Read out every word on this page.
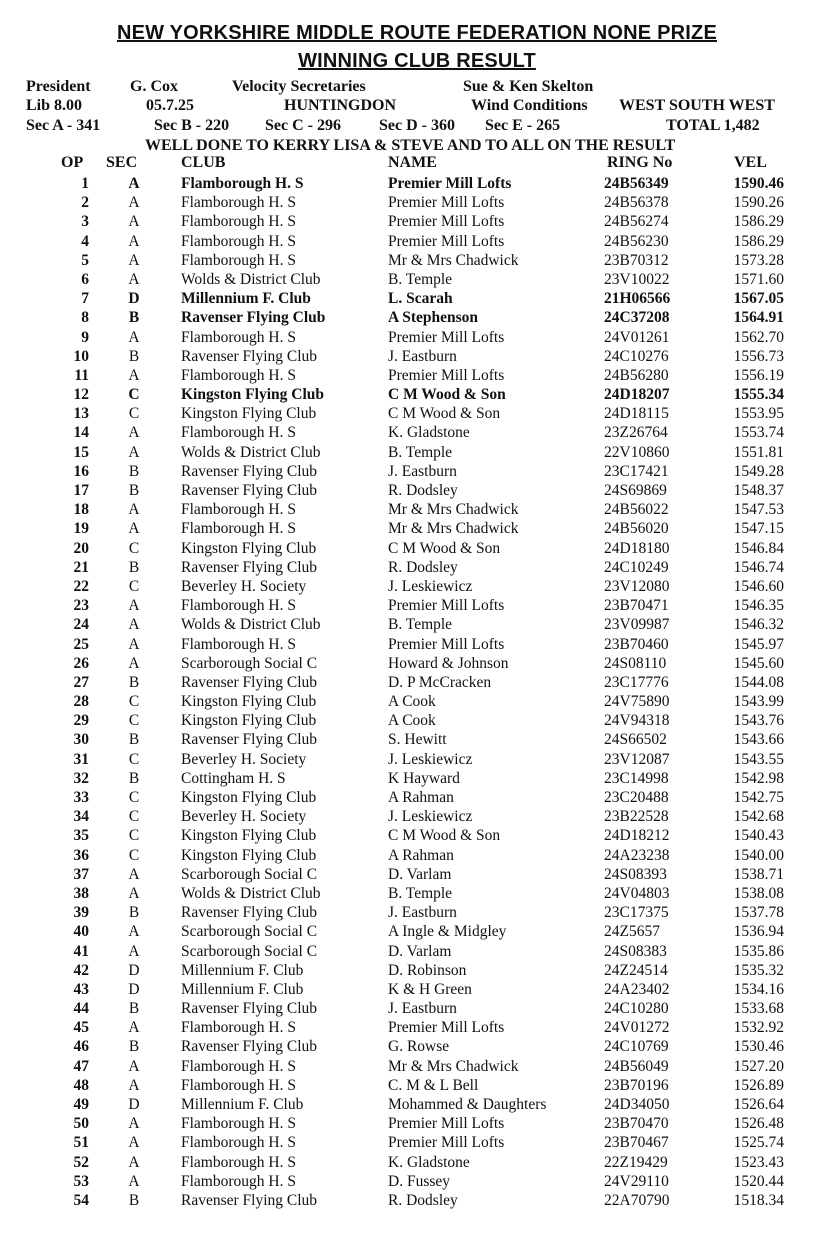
NEW YORKSHIRE MIDDLE ROUTE FEDERATION NONE PRIZE
WINNING CLUB RESULT
President G. Cox	Velocity Secretaries	Sue & Ken Skelton
Lib 8.00	05.7.25	HUNTINGDON	Wind Conditions WEST SOUTH WEST
Sec A - 341	Sec B - 220 Sec C - 296 Sec D - 360 Sec E - 265	TOTAL 1,482
WELL DONE TO KERRY LISA & STEVE AND TO ALL ON THE RESULT
OP SEC	CLUB	NAME	RING No	VEL
1	A	Flamborough H. S	Premier Mill Lofts	24B56349	1590.46
2	A	Flamborough H. S	Premier Mill Lofts	24B56378	1590.26
3	A	Flamborough H. S	Premier Mill Lofts	24B56274	1586.29
4	A	Flamborough H. S	Premier Mill Lofts	24B56230	1586.29
5	A	Flamborough H. S	Mr & Mrs Chadwick	23B70312	1573.28
6	A	Wolds & District Club	B. Temple	23V10022	1571.60
7	D	Millennium F. Club	L. Scarah	21H06566	1567.05
8	B	Ravenser Flying Club	A Stephenson	24C37208	1564.91
9	A	Flamborough H. S	Premier Mill Lofts	24V01261	1562.70
10	B	Ravenser Flying Club	J. Eastburn	24C10276	1556.73
11	A	Flamborough H. S	Premier Mill Lofts	24B56280	1556.19
12	C	Kingston Flying Club	C M Wood & Son	24D18207	1555.34
13	C	Kingston Flying Club	C M Wood & Son	24D18115	1553.95
14	A	Flamborough H. S	K. Gladstone	23Z26764	1553.74
15	A	Wolds & District Club	B. Temple	22V10860	1551.81
16	B	Ravenser Flying Club	J. Eastburn	23C17421	1549.28
17	B	Ravenser Flying Club	R. Dodsley	24S69869	1548.37
18	A	Flamborough H. S	Mr & Mrs Chadwick	24B56022	1547.53
19	A	Flamborough H. S	Mr & Mrs Chadwick	24B56020	1547.15
20	C	Kingston Flying Club	C M Wood & Son	24D18180	1546.84
21	B	Ravenser Flying Club	R. Dodsley	24C10249	1546.74
22	C	Beverley H. Society	J. Leskiewicz	23V12080	1546.60
23	A	Flamborough H. S	Premier Mill Lofts	23B70471	1546.35
24	A	Wolds & District Club	B. Temple	23V09987	1546.32
25	A	Flamborough H. S	Premier Mill Lofts	23B70460	1545.97
26	A	Scarborough Social C	Howard & Johnson	24S08110	1545.60
27	B	Ravenser Flying Club	D. P McCracken	23C17776	1544.08
28	C	Kingston Flying Club	A Cook	24V75890	1543.99
29	C	Kingston Flying Club	A Cook	24V94318	1543.76
30	B	Ravenser Flying Club	S. Hewitt	24S66502	1543.66
31	C	Beverley H. Society	J. Leskiewicz	23V12087	1543.55
32	B	Cottingham H. S	K Hayward	23C14998	1542.98
33	C	Kingston Flying Club	A Rahman	23C20488	1542.75
34	C	Beverley H. Society	J. Leskiewicz	23B22528	1542.68
35	C	Kingston Flying Club	C M Wood & Son	24D18212	1540.43
36	C	Kingston Flying Club	A Rahman	24A23238	1540.00
37	A	Scarborough Social C	D. Varlam	24S08393	1538.71
38	A	Wolds & District Club	B. Temple	24V04803	1538.08
39	B	Ravenser Flying Club	J. Eastburn	23C17375	1537.78
40	A	Scarborough Social C	A Ingle & Midgley	24Z5657	1536.94
41	A	Scarborough Social C	D. Varlam	24S08383	1535.86
42	D	Millennium F. Club	D. Robinson	24Z24514	1535.32
43	D	Millennium F. Club	K & H Green	24A23402	1534.16
44	B	Ravenser Flying Club	J. Eastburn	24C10280	1533.68
45	A	Flamborough H. S	Premier Mill Lofts	24V01272	1532.92
46	B	Ravenser Flying Club	G. Rowse	24C10769	1530.46
47	A	Flamborough H. S	Mr & Mrs Chadwick	24B56049	1527.20
48	A	Flamborough H. S	C. M & L Bell	23B70196	1526.89
49	D	Millennium F. Club	Mohammed & Daughters	24D34050	1526.64
50	A	Flamborough H. S	Premier Mill Lofts	23B70470	1526.48
51	A	Flamborough H. S	Premier Mill Lofts	23B70467	1525.74
52	A	Flamborough H. S	K. Gladstone	22Z19429	1523.43
53	A	Flamborough H. S	D. Fussey	24V29110	1520.44
54	B	Ravenser Flying Club	R. Dodsley	22A70790	1518.34
